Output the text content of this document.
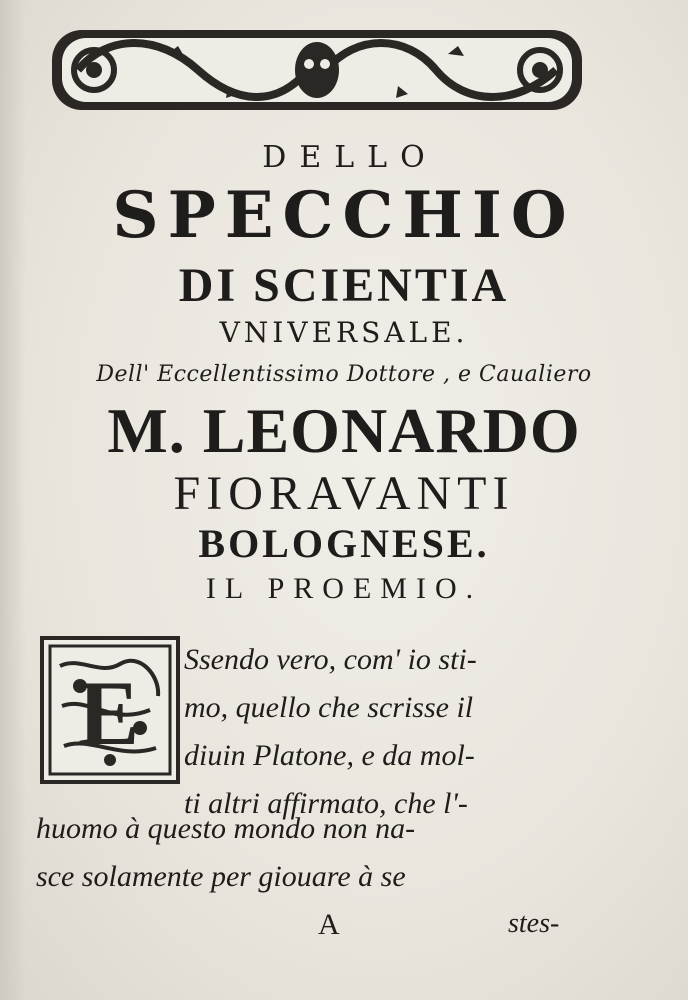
DELLO
SPECCHIO
DI SCIENTIA
VNIVERSALE.
Dell' Eccellentissimo Dottore , e Caualiero
M. LEONARDO
FIORAVANTI
BOLOGNESE.
IL PROEMIO.
E
Ssendo vero, com' io sti-
mo, quello che scrisse il
diuin Platone, e da mol-
ti altri affirmato, che l'-
huomo à questo mondo non na-
sce solamente per giouare à se
A	stes-
